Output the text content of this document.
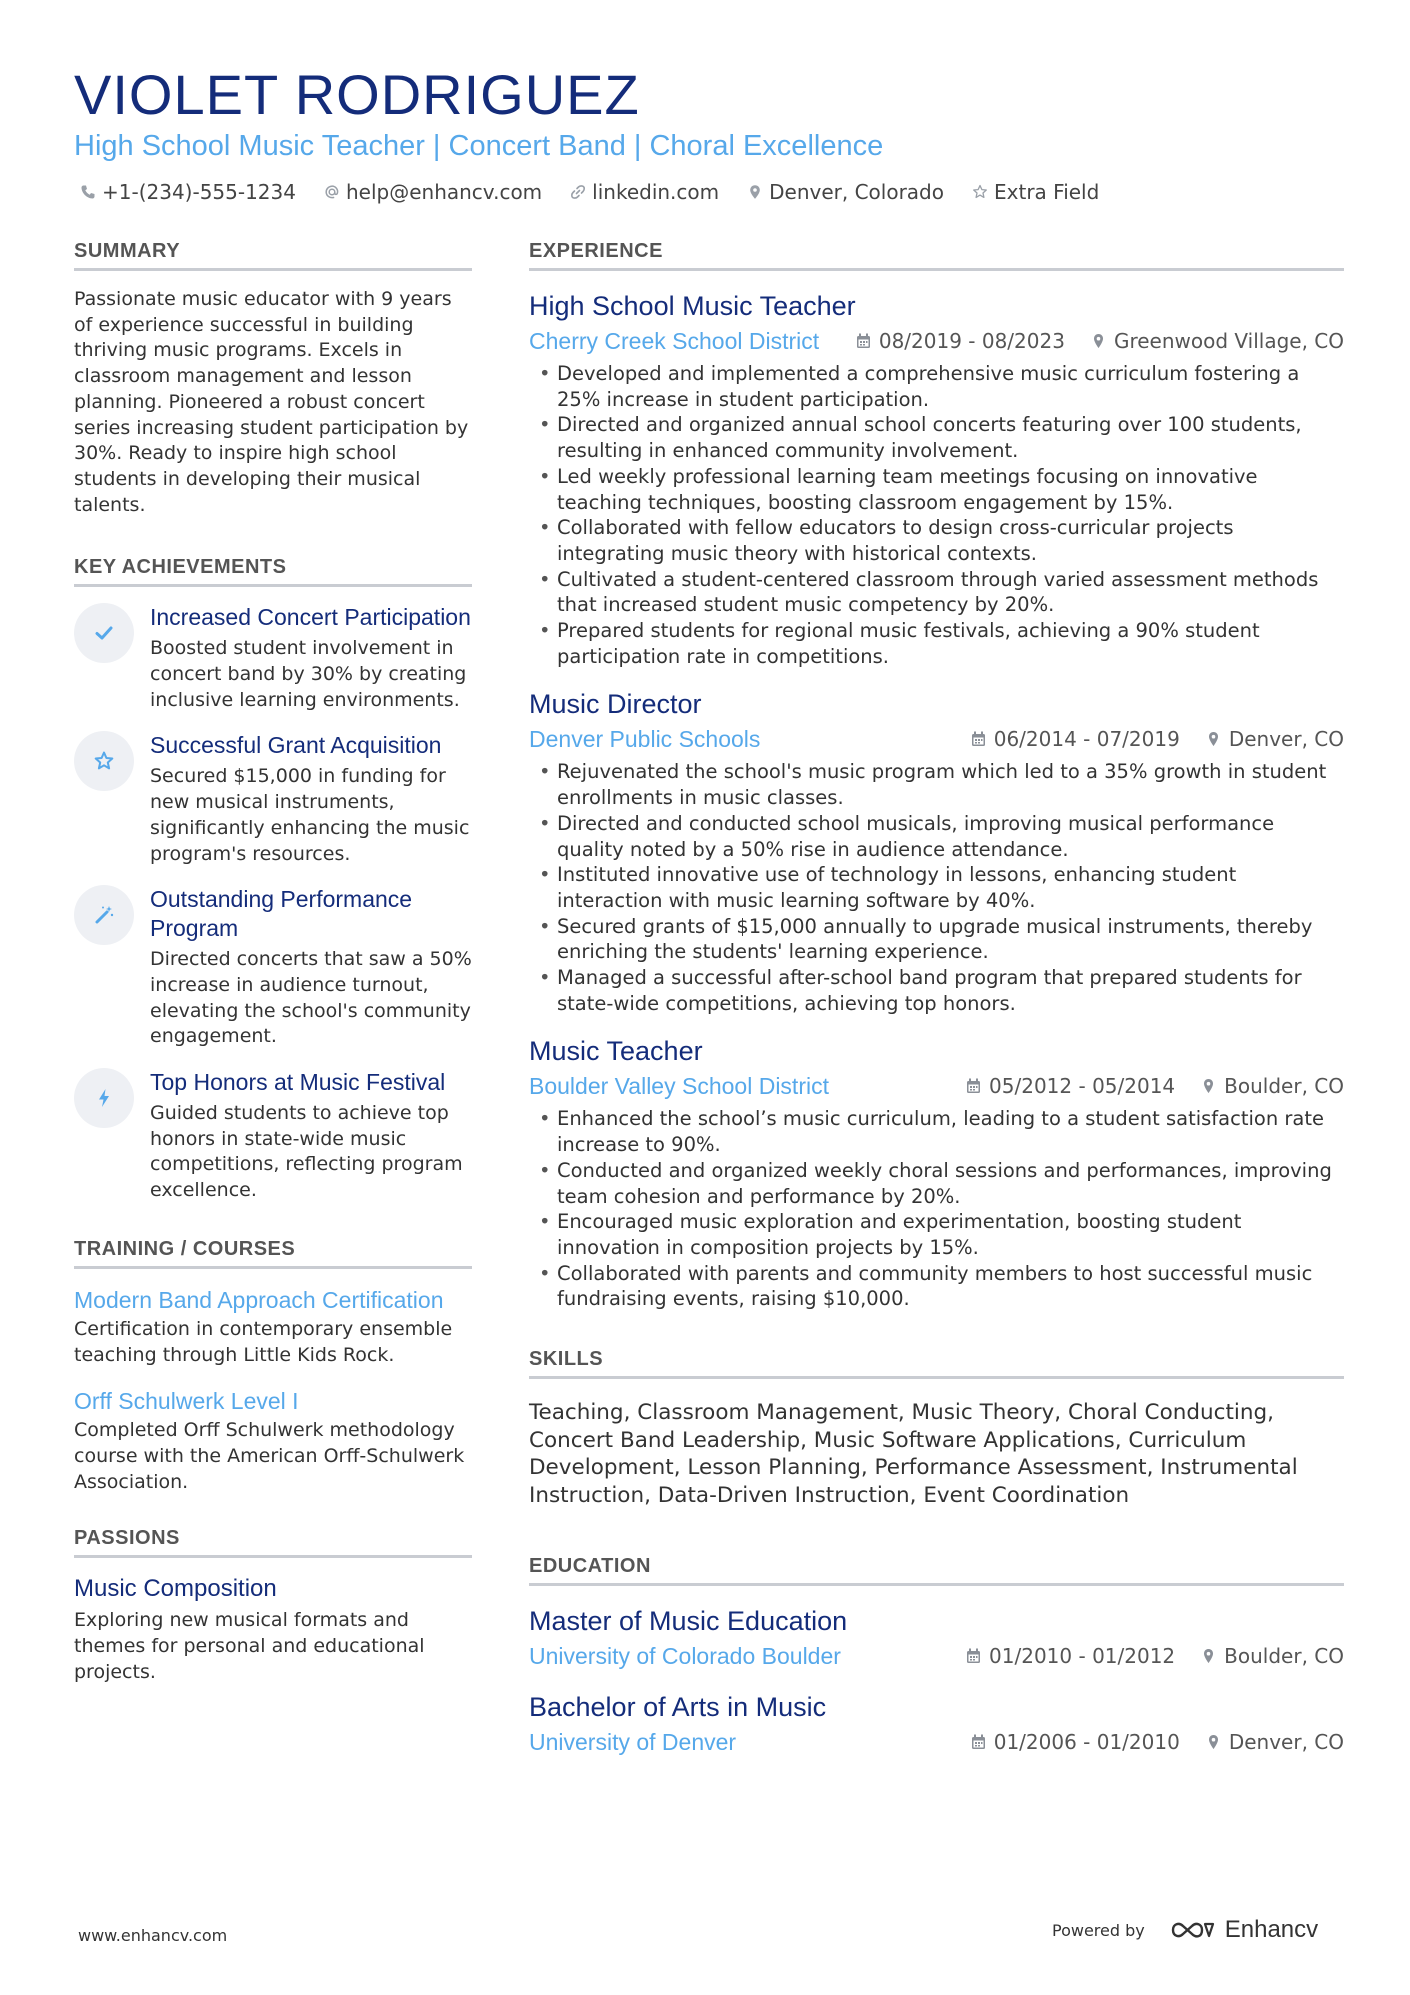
VIOLET RODRIGUEZ
High School Music Teacher | Concert Band | Choral Excellence
+1-(234)-555-1234	help@enhancv.com	linkedin.com	Denver, Colorado	Extra Field
SUMMARY

Passionate music educator with 9 years of experience successful in building thriving music programs. Excels in classroom management and lesson planning. Pioneered a robust concert series increasing student participation by 30%. Ready to inspire high school students in developing their musical talents.

KEY ACHIEVEMENTS
Increased Concert Participation

Boosted student involvement in concert band by 30% by creating inclusive learning environments.

Successful Grant Acquisition

Secured $15,000 in funding for new musical instruments, significantly enhancing the music program's resources.

Outstanding Performance Program

Directed concerts that saw a 50% increase in audience turnout, elevating the school's community engagement.

Top Honors at Music Festival

Guided students to achieve top honors in state-wide music competitions, reflecting program excellence.

TRAINING / COURSES
Modern Band Approach Certification

Certification in contemporary ensemble teaching through Little Kids Rock.

Orff Schulwerk Level I

Completed Orff Schulwerk methodology course with the American Orff-Schulwerk Association.

PASSIONS
Music Composition

Exploring new musical formats and themes for personal and educational projects.

EXPERIENCE
High School Music Teacher
Cherry Creek School District	08/2019 - 08/2023 Greenwood Village, CO
• Developed and implemented a comprehensive music curriculum fostering a 25% increase in student participation.
• Directed and organized annual school concerts featuring over 100 students, resulting in enhanced community involvement.
• Led weekly professional learning team meetings focusing on innovative teaching techniques, boosting classroom engagement by 15%.
• Collaborated with fellow educators to design cross-curricular projects integrating music theory with historical contexts.
• Cultivated a student-centered classroom through varied assessment methods that increased student music competency by 20%.
• Prepared students for regional music festivals, achieving a 90% student participation rate in competitions.
Music Director
Denver Public Schools	06/2014 - 07/2019 Denver, CO
• Rejuvenated the school's music program which led to a 35% growth in student enrollments in music classes.
• Directed and conducted school musicals, improving musical performance quality noted by a 50% rise in audience attendance.
• Instituted innovative use of technology in lessons, enhancing student interaction with music learning software by 40%.
• Secured grants of $15,000 annually to upgrade musical instruments, thereby enriching the students' learning experience.
• Managed a successful after-school band program that prepared students for state-wide competitions, achieving top honors.
Music Teacher
Boulder Valley School District	05/2012 - 05/2014 Boulder, CO
• Enhanced the school’s music curriculum, leading to a student satisfaction rate increase to 90%.
• Conducted and organized weekly choral sessions and performances, improving team cohesion and performance by 20%.
• Encouraged music exploration and experimentation, boosting student innovation in composition projects by 15%.
• Collaborated with parents and community members to host successful music fundraising events, raising $10,000.
SKILLS

Teaching, Classroom Management, Music Theory, Choral Conducting, Concert Band Leadership, Music Software Applications, Curriculum Development, Lesson Planning, Performance Assessment, Instrumental Instruction, Data-Driven Instruction, Event Coordination

EDUCATION
Master of Music Education
University of Colorado Boulder	01/2010 - 01/2012 Boulder, CO
Bachelor of Arts in Music
University of Denver	01/2006 - 01/2010 Denver, CO
www.enhancv.com	Powered by	Enhancv
